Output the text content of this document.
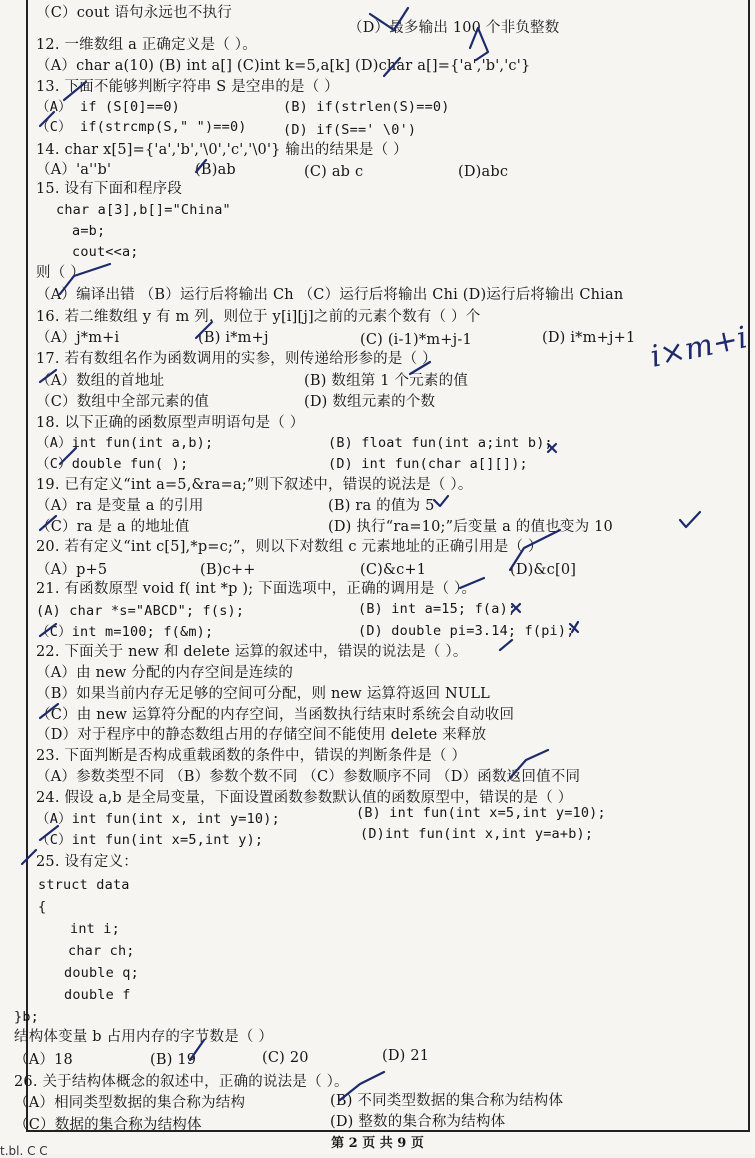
（C）cout 语句永远也不执行
（D）最多输出 100 个非负整数
12. 一维数组 a 正确定义是（ ）。
（A）char a(10) (B) int a[] (C)int k=5,a[k] (D)char a[]={'a','b','c'}
13. 下面不能够判断字符串 S 是空串的是（ ）
（A） if (S[0]==0)	(B) if(strlen(S)==0)
（C） if(strcmp(S," ")==0)	(D) if(S==' \0')
14. char x[5]={'a','b','\0','c','\0'} 输出的结果是（ ）
（A）'a''b'	(B)ab	(C) ab c	(D)abc
15. 设有下面和程序段
char a[3],b[]="China"
a=b;
cout<<a;
则（ ）
（A）编译出错 （B）运行后将输出 Ch （C）运行后将输出 Chi (D)运行后将输出 Chian
16. 若二维数组 y 有 m 列，则位于 y[i][j]之前的元素个数有（ ）个
（A）j*m+i	(B) i*m+j	(C) (i-1)*m+j-1	(D) i*m+j+1
17. 若有数组名作为函数调用的实参，则传递给形参的是（ ）
（A）数组的首地址	(B) 数组第 1 个元素的值
（C）数组中全部元素的值	(D) 数组元素的个数
18. 以下正确的函数原型声明语句是（ ）
（A）int fun(int a,b);	(B) float fun(int a;int b);
（C）double fun( );	(D) int fun(char a[][]);
19. 已有定义“int a=5,&ra=a;”则下叙述中，错误的说法是（ ）。
（A）ra 是变量 a 的引用	(B) ra 的值为 5
（C）ra 是 a 的地址值	(D) 执行“ra=10;”后变量 a 的值也变为 10
20. 若有定义“int c[5],*p=c;”，则以下对数组 c 元素地址的正确引用是（ ）
（A）p+5	(B)c++	(C)&c+1	(D)&c[0]
21. 有函数原型 void f( int *p ); 下面选项中，正确的调用是（ ）。
(A) char *s="ABCD"; f(s);	(B) int a=15; f(a);
（C）int m=100; f(&m);	(D) double pi=3.14; f(pi);
22. 下面关于 new 和 delete 运算的叙述中，错误的说法是（ ）。
（A）由 new 分配的内存空间是连续的
（B）如果当前内存无足够的空间可分配，则 new 运算符返回 NULL
（C）由 new 运算符分配的内存空间，当函数执行结束时系统会自动收回
（D）对于程序中的静态数组占用的存储空间不能使用 delete 来释放
23. 下面判断是否构成重载函数的条件中，错误的判断条件是（ ）
（A）参数类型不同 （B）参数个数不同 （C）参数顺序不同 （D）函数返回值不同
24. 假设 a,b 是全局变量，下面设置函数参数默认值的函数原型中，错误的是（ ）
（A）int fun(int x, int y=10);	(B) int fun(int x=5,int y=10);
（C）int fun(int x=5,int y);	(D)int fun(int x,int y=a+b);
25. 设有定义：
struct data
{
int i;
char ch;
double q;
double f
}b;
结构体变量 b 占用内存的字节数是（ ）
（A）18	(B) 19	(C) 20	(D) 21
26. 关于结构体概念的叙述中，正确的说法是（ ）。
（A）相同类型数据的集合称为结构	(B) 不同类型数据的集合称为结构体
（C）数据的集合称为结构体	(D) 整数的集合称为结构体
i×m+i
第 2 页 共 9 页
t.bl. C C
